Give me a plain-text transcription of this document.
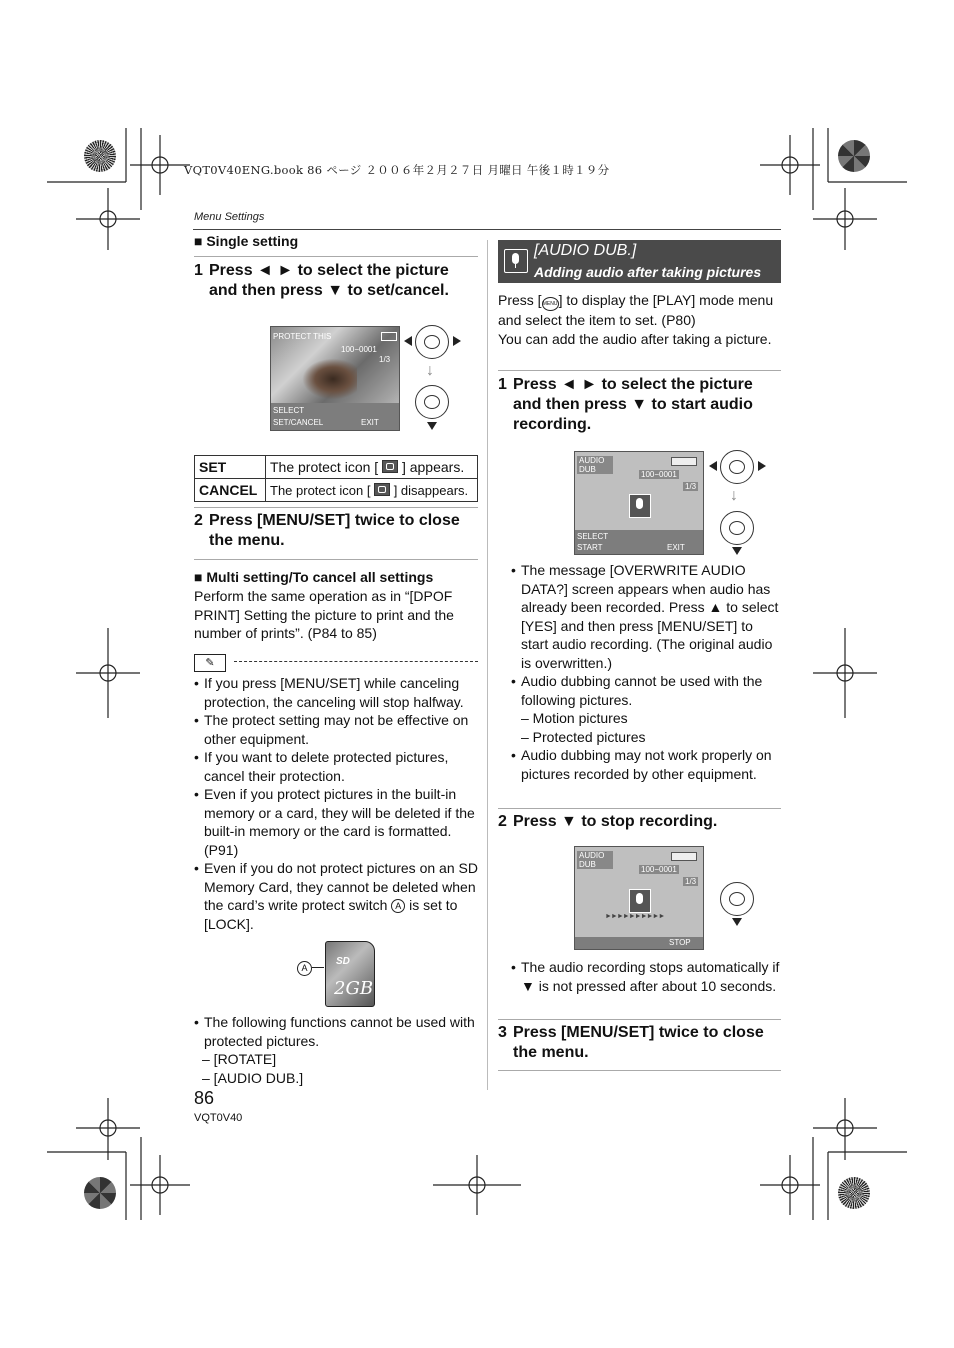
VQT0V40ENG.book 86 ページ ２００６年２月２７日 月曜日 午後１時１９分
Menu Settings
■ Single setting
1 Press ◄ ► to select the picture and then press ▼ to set/cancel.
PROTECT THIS
100−0001
1/3
SELECT
SET/CANCEL	EXIT
↓
SET	The protect icon [ ] appears.
CANCEL	The protect icon [ ] disappears.
2 Press [MENU/SET] twice to close the menu.
■ Multi setting/To cancel all settings
Perform the same operation as in “[DPOF PRINT] Setting the picture to print and the number of prints”. (P84 to 85)
✎

• If you press [MENU/SET] while canceling protection, the canceling will stop halfway.

• The protect setting may not be effective on other equipment.

• If you want to delete protected pictures, cancel their protection.

• Even if you protect pictures in the built-in memory or a card, they will be deleted if the built-in memory or the card is formatted. (P91)

• Even if you do not protect pictures on an SD Memory Card, they cannot be deleted when the card’s write protect switch A is set to [LOCK].

A
SD
2GB

• The following functions cannot be used with protected pictures.

– [ROTATE]

– [AUDIO DUB.]

86
VQT0V40
[AUDIO DUB.]
Adding audio after taking pictures
Press [MENU] to display the [PLAY] mode menu and select the item to set. (P80)
You can add the audio after taking a picture.
1 Press ◄ ► to select the picture and then press ▼ to start audio recording.
AUDIO DUB
100−0001
1/3
SELECT
START	EXIT
↓

• The message [OVERWRITE AUDIO DATA?] screen appears when audio has already been recorded. Press ▲ to select [YES] and then press [MENU/SET] to start audio recording. (The original audio is overwritten.)

• Audio dubbing cannot be used with the following pictures.

– Motion pictures

– Protected pictures

• Audio dubbing may not work properly on pictures recorded by other equipment.

2 Press ▼ to stop recording.
AUDIO DUB
100−0001
1/3
►►►►►►►►►►
STOP

• The audio recording stops automatically if ▼ is not pressed after about 10 seconds.

3 Press [MENU/SET] twice to close the menu.
